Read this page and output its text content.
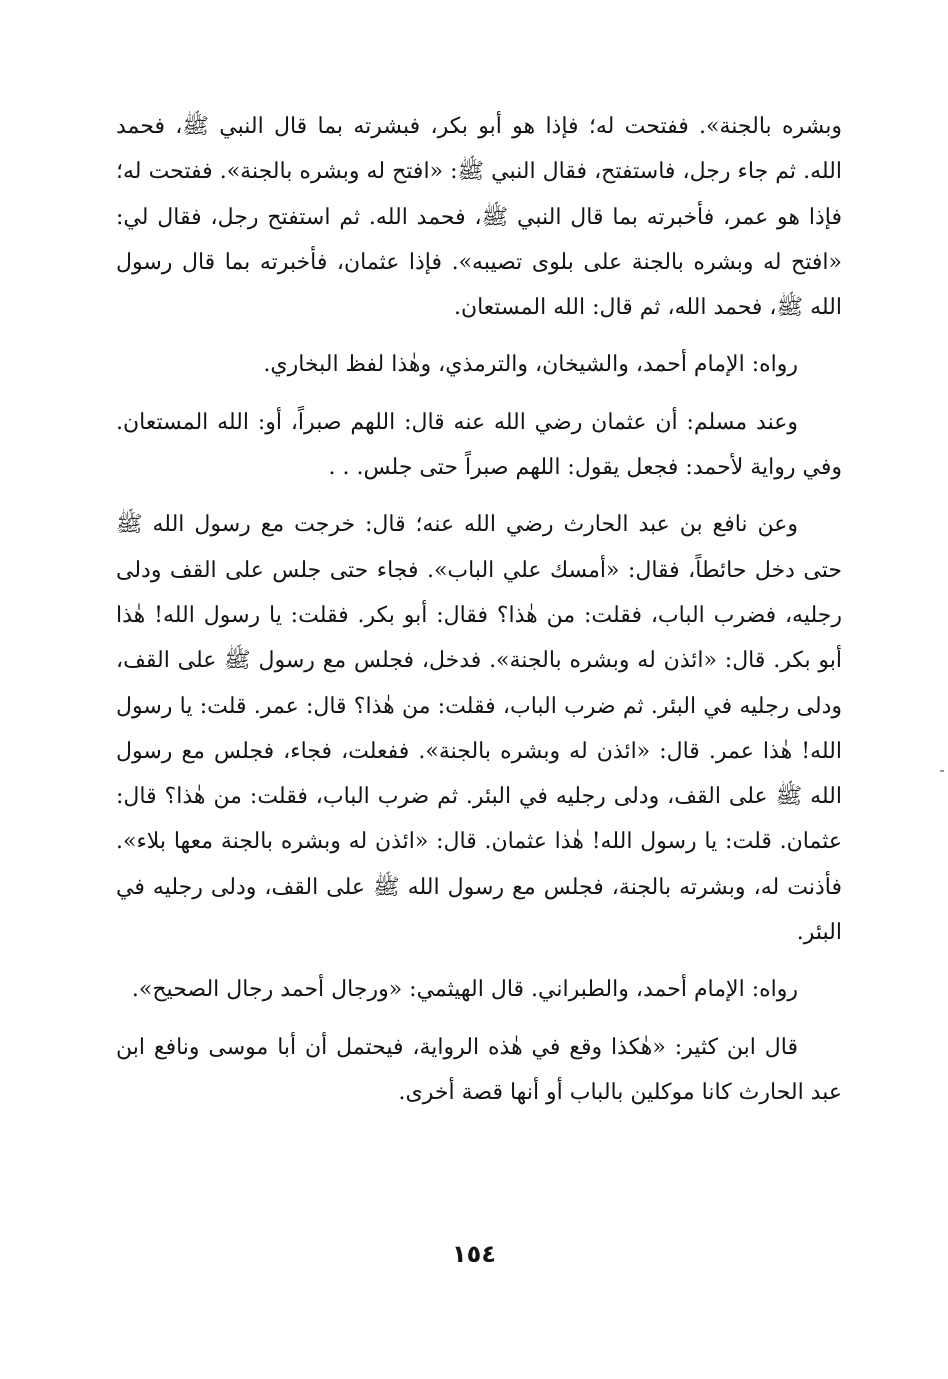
وبشره بالجنة». ففتحت له؛ فإذا هو أبو بكر، فبشرته بما قال النبي ﷺ، فحمد الله. ثم جاء رجل، فاستفتح، فقال النبي ﷺ: «افتح له وبشره بالجنة». ففتحت له؛ فإذا هو عمر، فأخبرته بما قال النبي ﷺ، فحمد الله. ثم استفتح رجل، فقال لي: «افتح له وبشره بالجنة على بلوى تصيبه». فإذا عثمان، فأخبرته بما قال رسول الله ﷺ، فحمد الله، ثم قال: الله المستعان.

رواه: الإمام أحمد، والشيخان، والترمذي، وهٰذا لفظ البخاري.

وعند مسلم: أن عثمان رضي الله عنه قال: اللهم صبراً، أو: الله المستعان. وفي رواية لأحمد: فجعل يقول: اللهم صبراً حتى جلس. . .

وعن نافع بن عبد الحارث رضي الله عنه؛ قال: خرجت مع رسول الله ﷺ حتى دخل حائطاً، فقال: «أمسك علي الباب». فجاء حتى جلس على القف ودلى رجليه، فضرب الباب، فقلت: من هٰذا؟ فقال: أبو بكر. فقلت: يا رسول الله! هٰذا أبو بكر. قال: «ائذن له وبشره بالجنة». فدخل، فجلس مع رسول ﷺ على القف، ودلى رجليه في البئر. ثم ضرب الباب، فقلت: من هٰذا؟ قال: عمر. قلت: يا رسول الله! هٰذا عمر. قال: «ائذن له وبشره بالجنة». ففعلت، فجاء، فجلس مع رسول الله ﷺ على القف، ودلى رجليه في البئر. ثم ضرب الباب، فقلت: من هٰذا؟ قال: عثمان. قلت: يا رسول الله! هٰذا عثمان. قال: «ائذن له وبشره بالجنة معها بلاء». فأذنت له، وبشرته بالجنة، فجلس مع رسول الله ﷺ على القف، ودلى رجليه في البئر.

رواه: الإمام أحمد، والطبراني. قال الهيثمي: «ورجال أحمد رجال الصحيح».

قال ابن كثير: «هٰكذا وقع في هٰذه الرواية، فيحتمل أن أبا موسى ونافع ابن عبد الحارث كانا موكلين بالباب أو أنها قصة أخرى.

١٥٤
